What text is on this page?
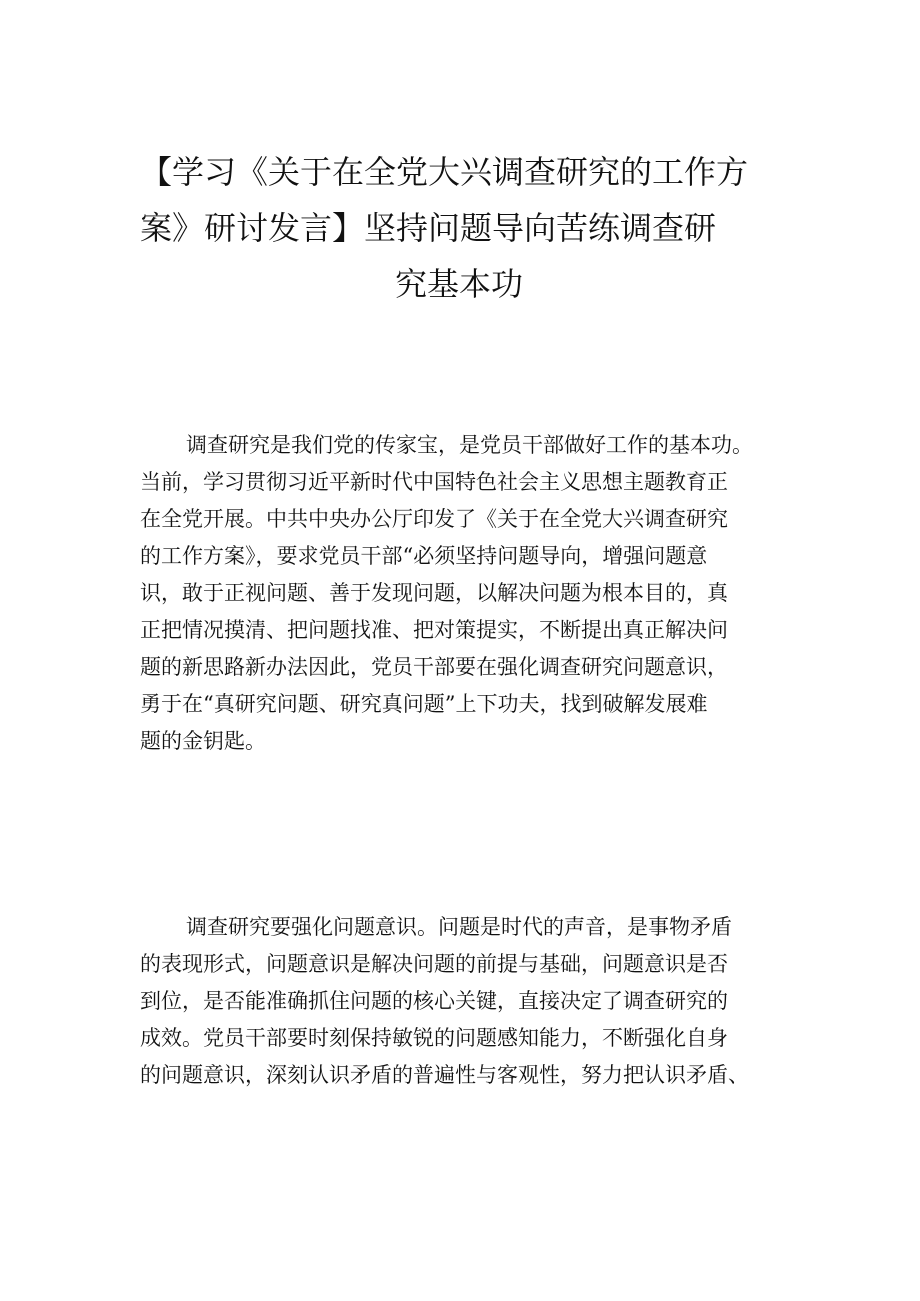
【学习《关于在全党大兴调查研究的工作方
案》研讨发言】坚持问题导向苦练调查研
究基本功
调查研究是我们党的传家宝，是党员干部做好工作的基本功。
当前，学习贯彻习近平新时代中国特色社会主义思想主题教育正
在全党开展。中共中央办公厅印发了《关于在全党大兴调查研究
的工作方案》，要求党员干部“必须坚持问题导向，增强问题意
识，敢于正视问题、善于发现问题，以解决问题为根本目的，真
正把情况摸清、把问题找准、把对策提实，不断提出真正解决问
题的新思路新办法因此，党员干部要在强化调查研究问题意识，
勇于在“真研究问题、研究真问题”上下功夫，找到破解发展难
题的金钥匙。
调查研究要强化问题意识。问题是时代的声音，是事物矛盾
的表现形式，问题意识是解决问题的前提与基础，问题意识是否
到位，是否能准确抓住问题的核心关键，直接决定了调查研究的
成效。党员干部要时刻保持敏锐的问题感知能力，不断强化自身
的问题意识，深刻认识矛盾的普遍性与客观性，努力把认识矛盾、
